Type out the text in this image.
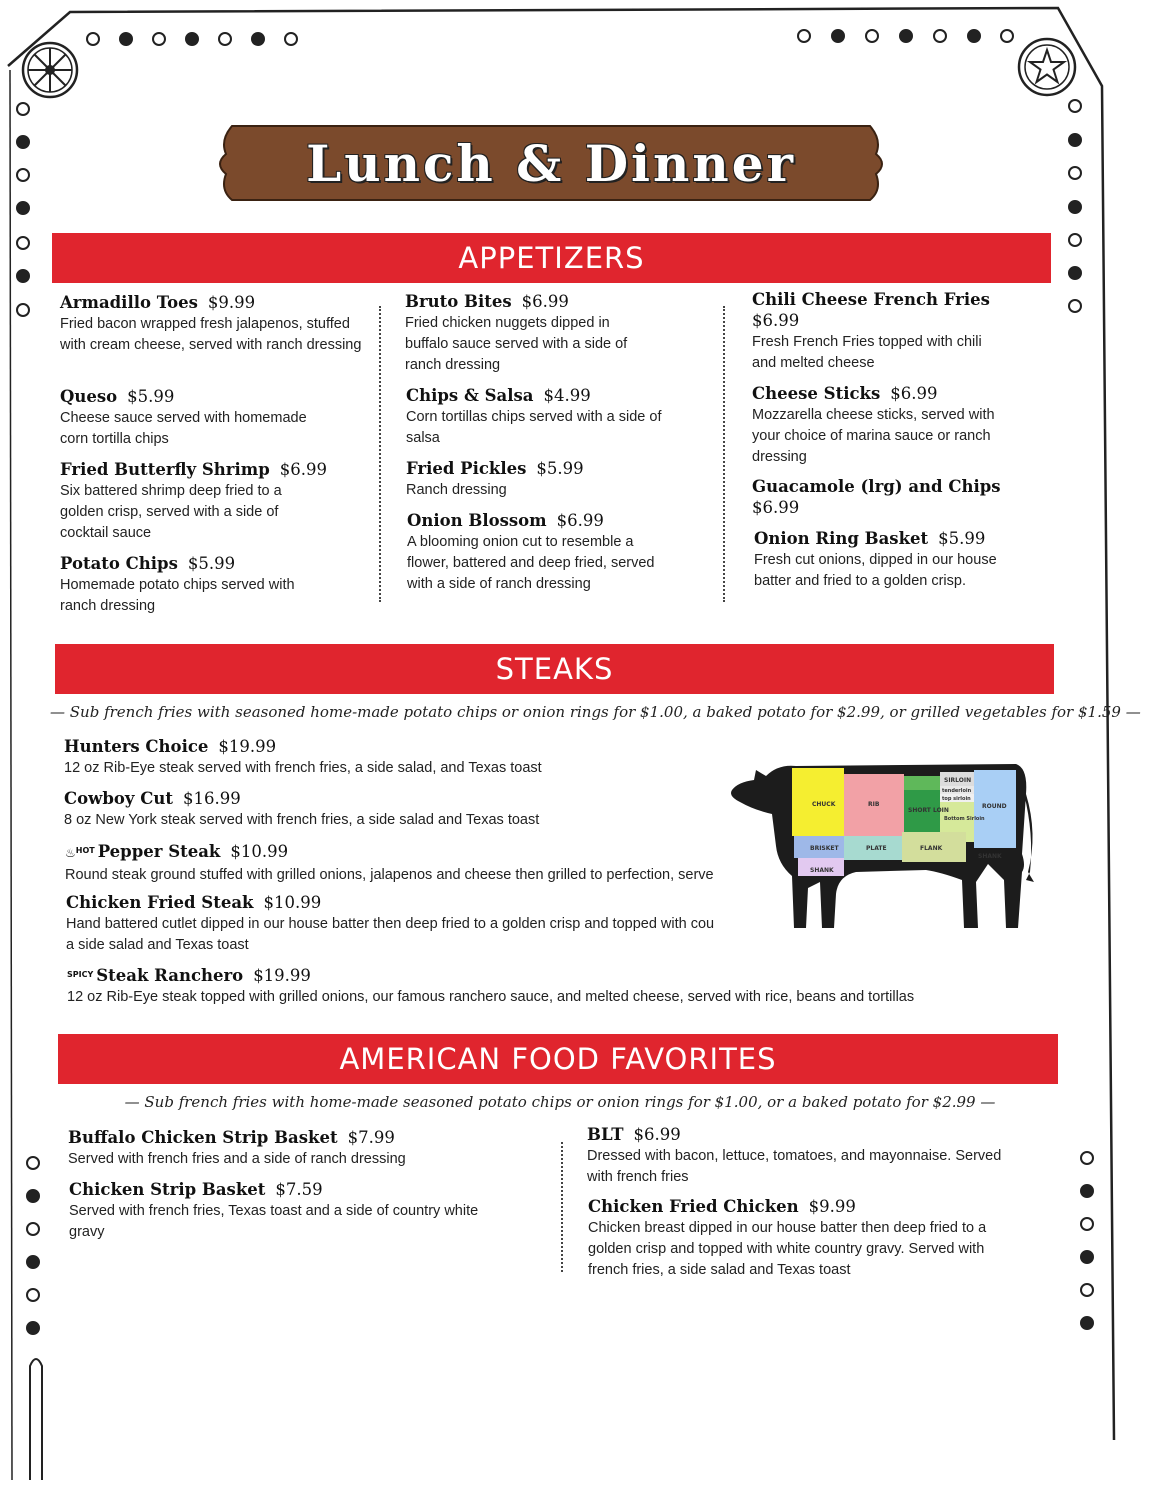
Lunch & Dinner
APPETIZERS
Armadillo Toes $9.99
Fried bacon wrapped fresh jalapenos, stuffed with cream cheese, served with ranch dressing
Queso $5.99
Cheese sauce served with homemade corn tortilla chips
Fried Butterfly Shrimp $6.99
Six battered shrimp deep fried to a golden crisp, served with a side of cocktail sauce
Potato Chips $5.99
Homemade potato chips served with ranch dressing
Bruto Bites $6.99
Fried chicken nuggets dipped in buffalo sauce served with a side of ranch dressing
Chips & Salsa $4.99
Corn tortillas chips served with a side of salsa
Fried Pickles $5.99
Ranch dressing
Onion Blossom $6.99
A blooming onion cut to resemble a flower, battered and deep fried, served with a side of ranch dressing
Chili Cheese French Fries
$6.99
Fresh French Fries topped with chili and melted cheese
Cheese Sticks $6.99
Mozzarella cheese sticks, served with your choice of marina sauce or ranch dressing
Guacamole (lrg) and Chips
$6.99
Onion Ring Basket $5.99
Fresh cut onions, dipped in our house batter and fried to a golden crisp.
STEAKS
— Sub french fries with seasoned home-made potato chips or onion rings for $1.00, a baked potato for $2.99, or grilled vegetables for $1.59 —
Hunters Choice $19.99
12 oz Rib-Eye steak served with french fries, a side salad, and Texas toast
Cowboy Cut $16.99
8 oz New York steak served with french fries, a side salad and Texas toast
♨$^{HOT}$ Pepper Steak $10.99
Round steak ground stuffed with grilled onions, jalapenos and cheese then grilled to perfection, serve
Chicken Fried Steak $10.99
Hand battered cutlet dipped in our house batter then deep fried to a golden crisp and topped with cou
a side salad and Texas toast
$^{SPICY}$ Steak Ranchero $19.99
12 oz Rib-Eye steak topped with grilled onions, our famous ranchero sauce, and melted cheese, served with rice, beans and tortillas
CHUCK	RIB
SHORT LOIN
SIRLOIN
tenderloin
top sirloin
ROUND
Bottom Sirloin
BRISKET	PLATE	FLANK
SHANK
SHANK
AMERICAN FOOD FAVORITES
— Sub french fries with home-made seasoned potato chips or onion rings for $1.00, or a baked potato for $2.99 —
Buffalo Chicken Strip Basket $7.99
Served with french fries and a side of ranch dressing
Chicken Strip Basket $7.59
Served with french fries, Texas toast and a side of country white gravy
BLT $6.99
Dressed with bacon, lettuce, tomatoes, and mayonnaise. Served with french fries
Chicken Fried Chicken $9.99
Chicken breast dipped in our house batter then deep fried to a golden crisp and topped with white country gravy. Served with french fries, a side salad and Texas toast
